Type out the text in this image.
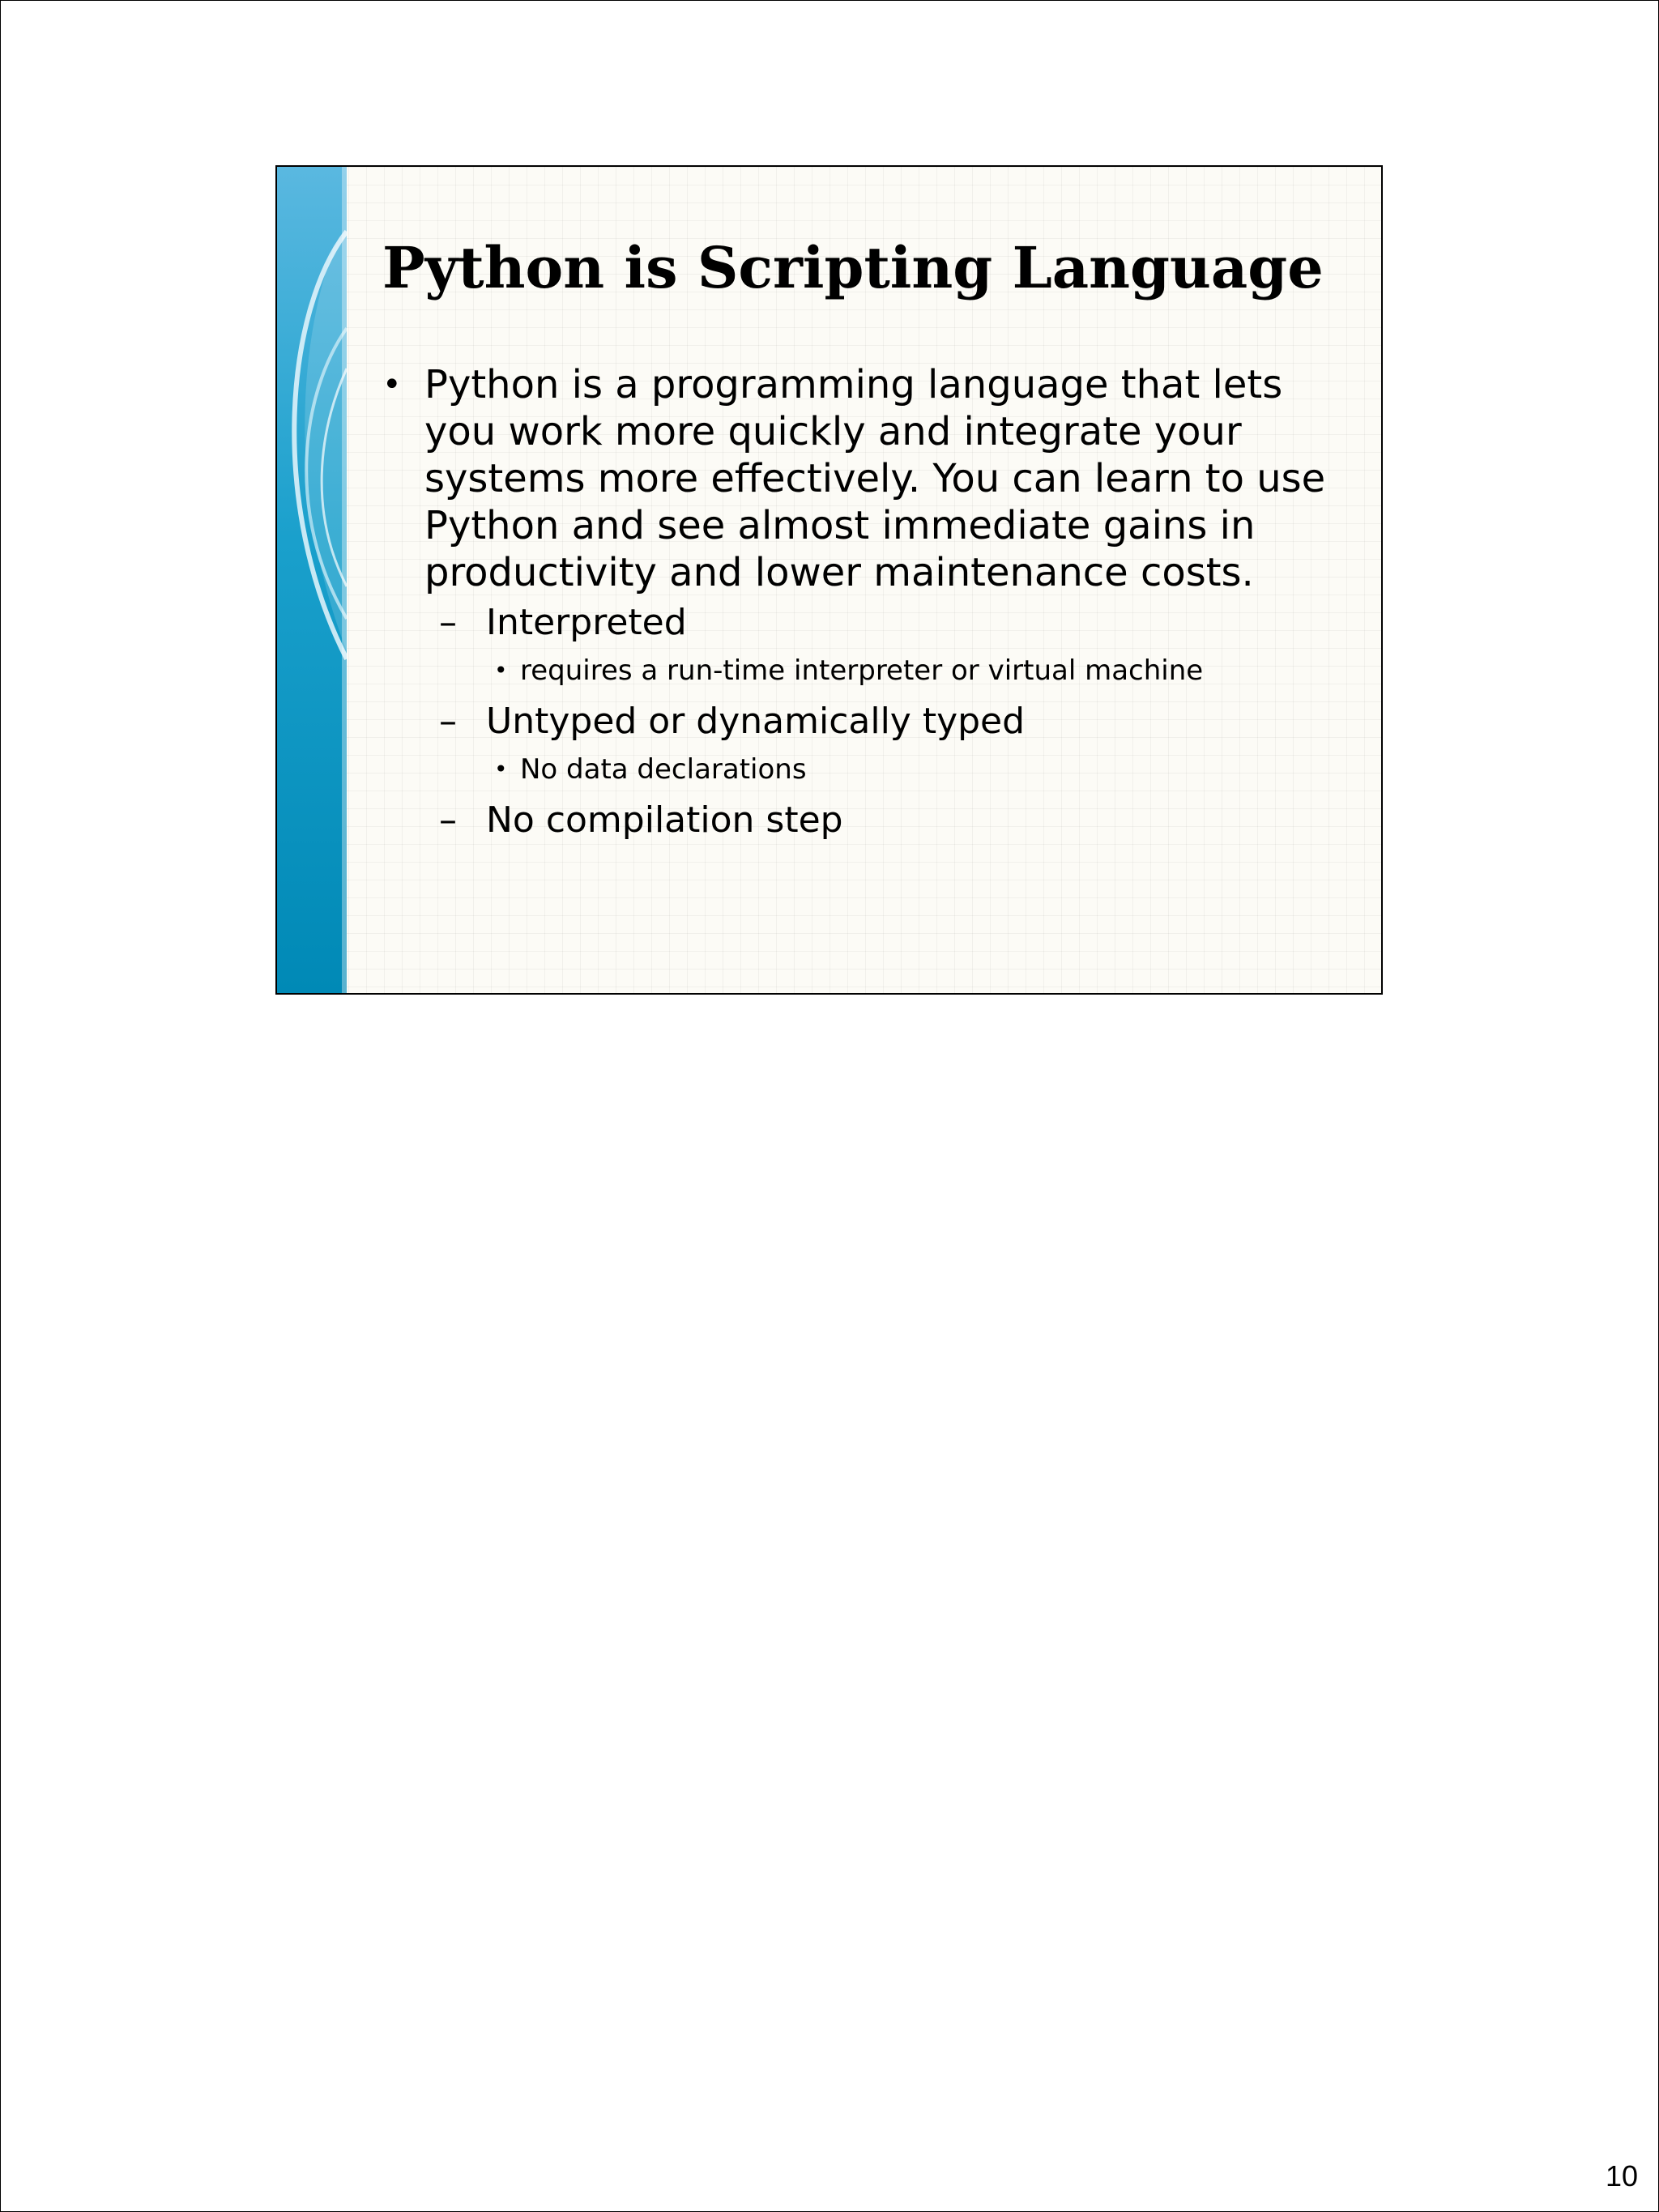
Python is Scripting Language
• Python is a programming language that lets you work more quickly and integrate your systems more effectively. You can learn to use Python and see almost immediate gains in productivity and lower maintenance costs.
– Interpreted
• requires a run-time interpreter or virtual machine
– Untyped or dynamically typed
• No data declarations
– No compilation step
10
